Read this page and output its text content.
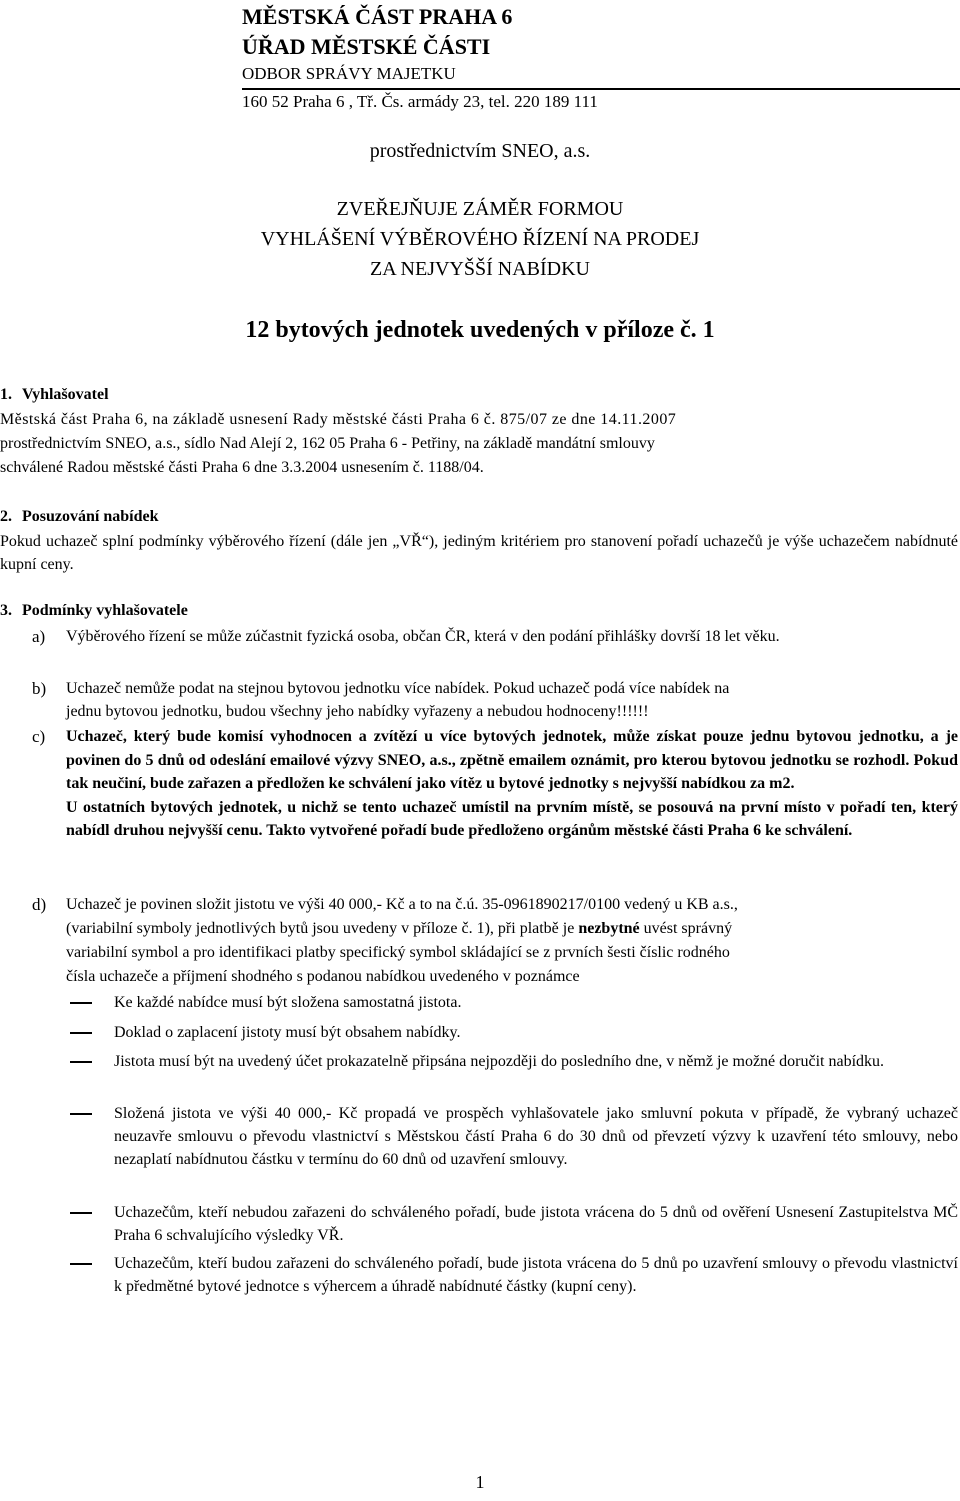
MĚSTSKÁ ČÁST PRAHA 6
ÚŘAD MĚSTSKÉ ČÁSTI
ODBOR SPRÁVY MAJETKU
160 52 Praha 6 , Tř. Čs. armády 23, tel. 220 189 111
prostřednictvím SNEO, a.s.
ZVEŘEJŇUJE ZÁMĚR FORMOU
VYHLÁŠENÍ VÝBĚROVÉHO ŘÍZENÍ NA PRODEJ
ZA NEJVYŠŠÍ NABÍDKU
12 bytových jednotek uvedených v příloze č. 1
1. Vyhlašovatel
Městská část Praha 6, na základě usnesení Rady městské části Praha 6 č. 875/07 ze dne 14.11.2007
prostřednictvím SNEO, a.s., sídlo Nad Alejí 2, 162 05 Praha 6 - Petřiny, na základě mandátní smlouvy
schválené Radou městské části Praha 6 dne 3.3.2004 usnesením č. 1188/04.
2. Posuzování nabídek
Pokud uchazeč splní podmínky výběrového řízení (dále jen „VŘ“), jediným kritériem pro stanovení pořadí uchazečů je výše uchazečem nabídnuté kupní ceny.
3. Podmínky vyhlašovatele
a) Výběrového řízení se může zúčastnit fyzická osoba, občan ČR, která v den podání přihlášky dovrší 18 let věku.
b) Uchazeč nemůže podat na stejnou bytovou jednotku více nabídek. Pokud uchazeč podá více nabídek na
jednu bytovou jednotku, budou všechny jeho nabídky vyřazeny a nebudou hodnoceny!!!!!!
c) Uchazeč, který bude komisí vyhodnocen a zvítězí u více bytových jednotek, může získat pouze jednu bytovou jednotku, a je povinen do 5 dnů od odeslání emailové výzvy SNEO, a.s., zpětně emailem oznámit, pro kterou bytovou jednotku se rozhodl. Pokud tak neučiní, bude zařazen a předložen ke schválení jako vítěz u bytové jednotky s nejvyšší nabídkou za m2.
U ostatních bytových jednotek, u nichž se tento uchazeč umístil na prvním místě, se posouvá na první místo v pořadí ten, který nabídl druhou nejvyšší cenu. Takto vytvořené pořadí bude předloženo orgánům městské části Praha 6 ke schválení.
d) Uchazeč je povinen složit jistotu ve výši 40 000,- Kč a to na č.ú. 35-0961890217/0100 vedený u KB a.s.,
(variabilní symboly jednotlivých bytů jsou uvedeny v příloze č. 1), při platbě je nezbytné uvést správný
variabilní symbol a pro identifikaci platby specifický symbol skládající se z prvních šesti číslic rodného
čísla uchazeče a příjmení shodného s podanou nabídkou uvedeného v poznámce
Ke každé nabídce musí být složena samostatná jistota.
Doklad o zaplacení jistoty musí být obsahem nabídky.
Jistota musí být na uvedený účet prokazatelně připsána nejpozději do posledního dne, v němž je možné doručit nabídku.
Složená jistota ve výši 40 000,- Kč propadá ve prospěch vyhlašovatele jako smluvní pokuta v případě, že vybraný uchazeč neuzavře smlouvu o převodu vlastnictví s Městskou částí Praha 6 do 30 dnů od převzetí výzvy k uzavření této smlouvy, nebo nezaplatí nabídnutou částku v termínu do 60 dnů od uzavření smlouvy.
Uchazečům, kteří nebudou zařazeni do schváleného pořadí, bude jistota vrácena do 5 dnů od ověření Usnesení Zastupitelstva MČ Praha 6 schvalujícího výsledky VŘ.
Uchazečům, kteří budou zařazeni do schváleného pořadí, bude jistota vrácena do 5 dnů po uzavření smlouvy o převodu vlastnictví k předmětné bytové jednotce s výhercem a úhradě nabídnuté částky (kupní ceny).
1
